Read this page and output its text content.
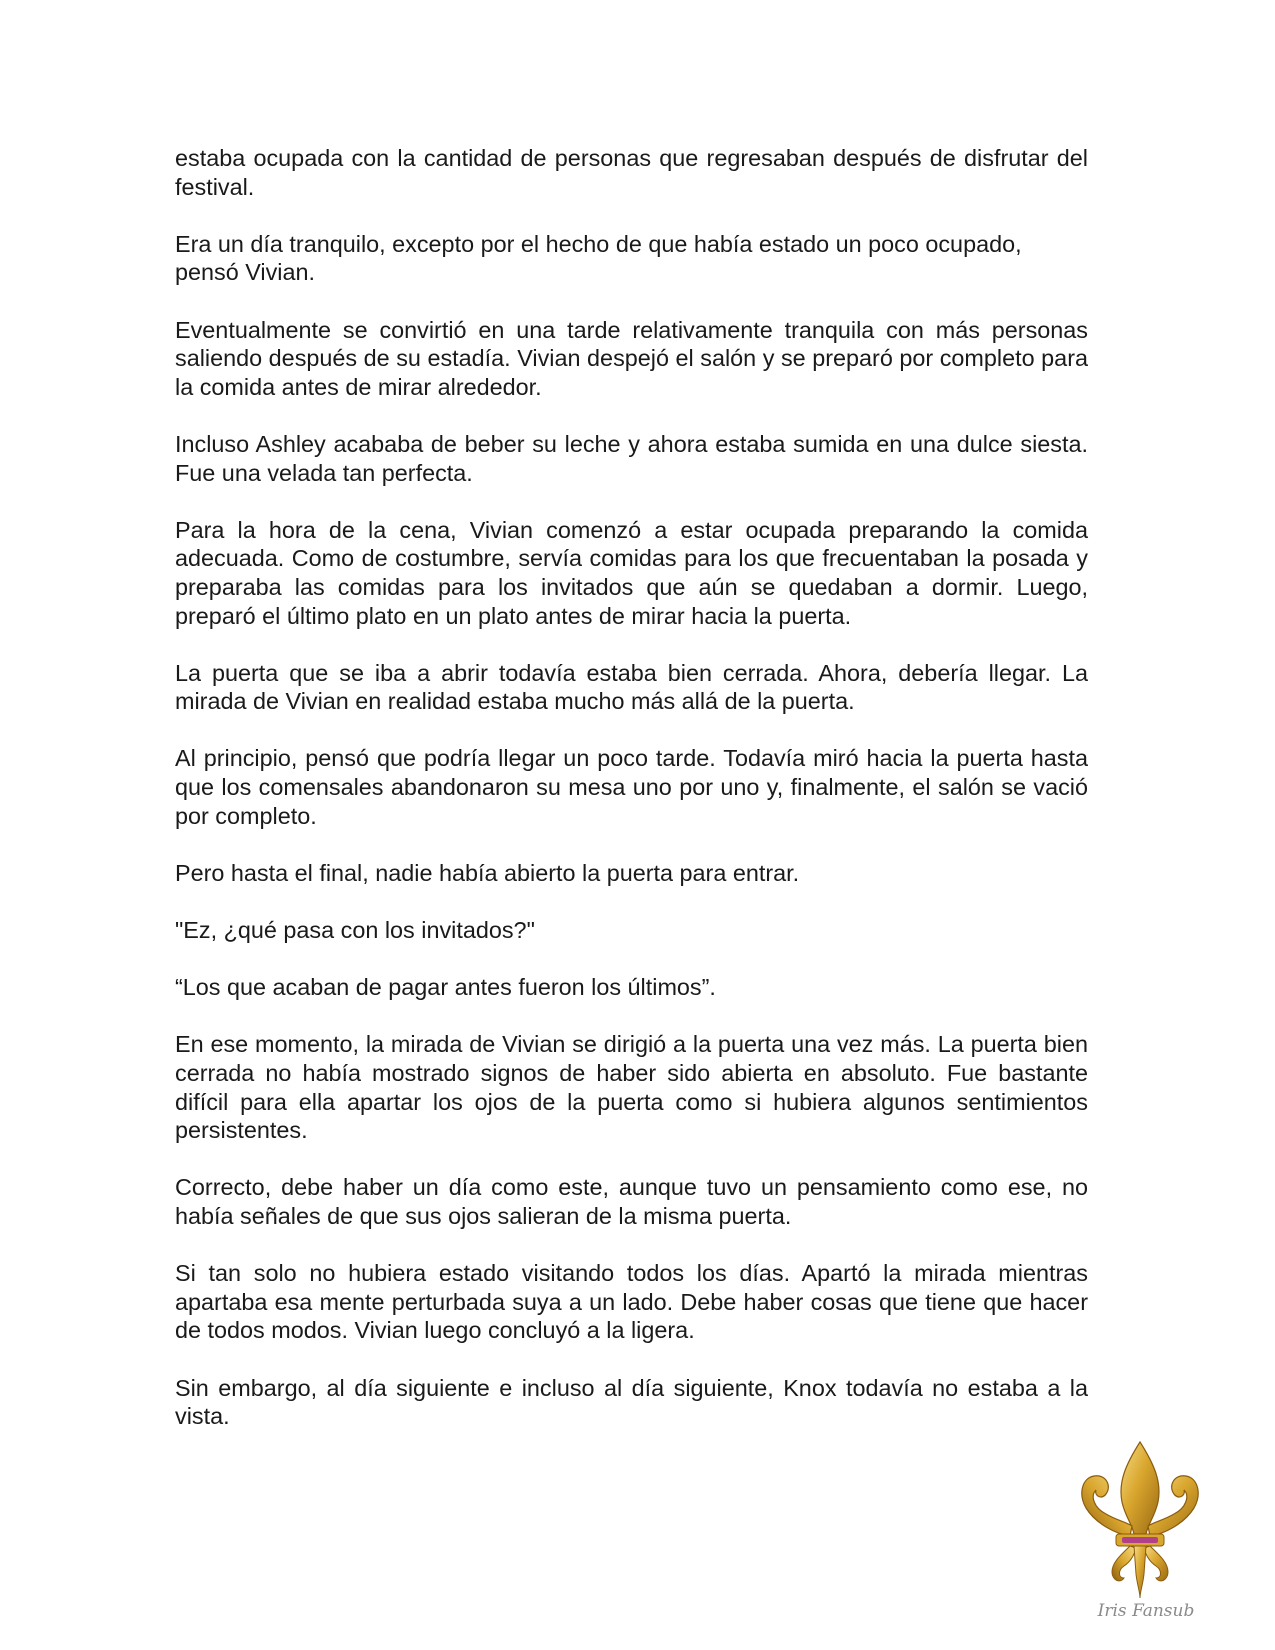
estaba ocupada con la cantidad de personas que regresaban después de disfrutar del festival.

Era un día tranquilo, excepto por el hecho de que había estado un poco ocupado, pensó Vivian.

Eventualmente se convirtió en una tarde relativamente tranquila con más personas saliendo después de su estadía. Vivian despejó el salón y se preparó por completo para la comida antes de mirar alrededor.

Incluso Ashley acababa de beber su leche y ahora estaba sumida en una dulce siesta. Fue una velada tan perfecta.

Para la hora de la cena, Vivian comenzó a estar ocupada preparando la comida adecuada. Como de costumbre, servía comidas para los que frecuentaban la posada y preparaba las comidas para los invitados que aún se quedaban a dormir. Luego, preparó el último plato en un plato antes de mirar hacia la puerta.

La puerta que se iba a abrir todavía estaba bien cerrada. Ahora, debería llegar. La mirada de Vivian en realidad estaba mucho más allá de la puerta.

Al principio, pensó que podría llegar un poco tarde. Todavía miró hacia la puerta hasta que los comensales abandonaron su mesa uno por uno y, finalmente, el salón se vació por completo.

Pero hasta el final, nadie había abierto la puerta para entrar.

"Ez, ¿qué pasa con los invitados?"

“Los que acaban de pagar antes fueron los últimos”.

En ese momento, la mirada de Vivian se dirigió a la puerta una vez más. La puerta bien cerrada no había mostrado signos de haber sido abierta en absoluto. Fue bastante difícil para ella apartar los ojos de la puerta como si hubiera algunos sentimientos persistentes.

Correcto, debe haber un día como este, aunque tuvo un pensamiento como ese, no había señales de que sus ojos salieran de la misma puerta.

Si tan solo no hubiera estado visitando todos los días. Apartó la mirada mientras apartaba esa mente perturbada suya a un lado. Debe haber cosas que tiene que hacer de todos modos. Vivian luego concluyó a la ligera.

Sin embargo, al día siguiente e incluso al día siguiente, Knox todavía no estaba a la vista.

Iris Fansub
